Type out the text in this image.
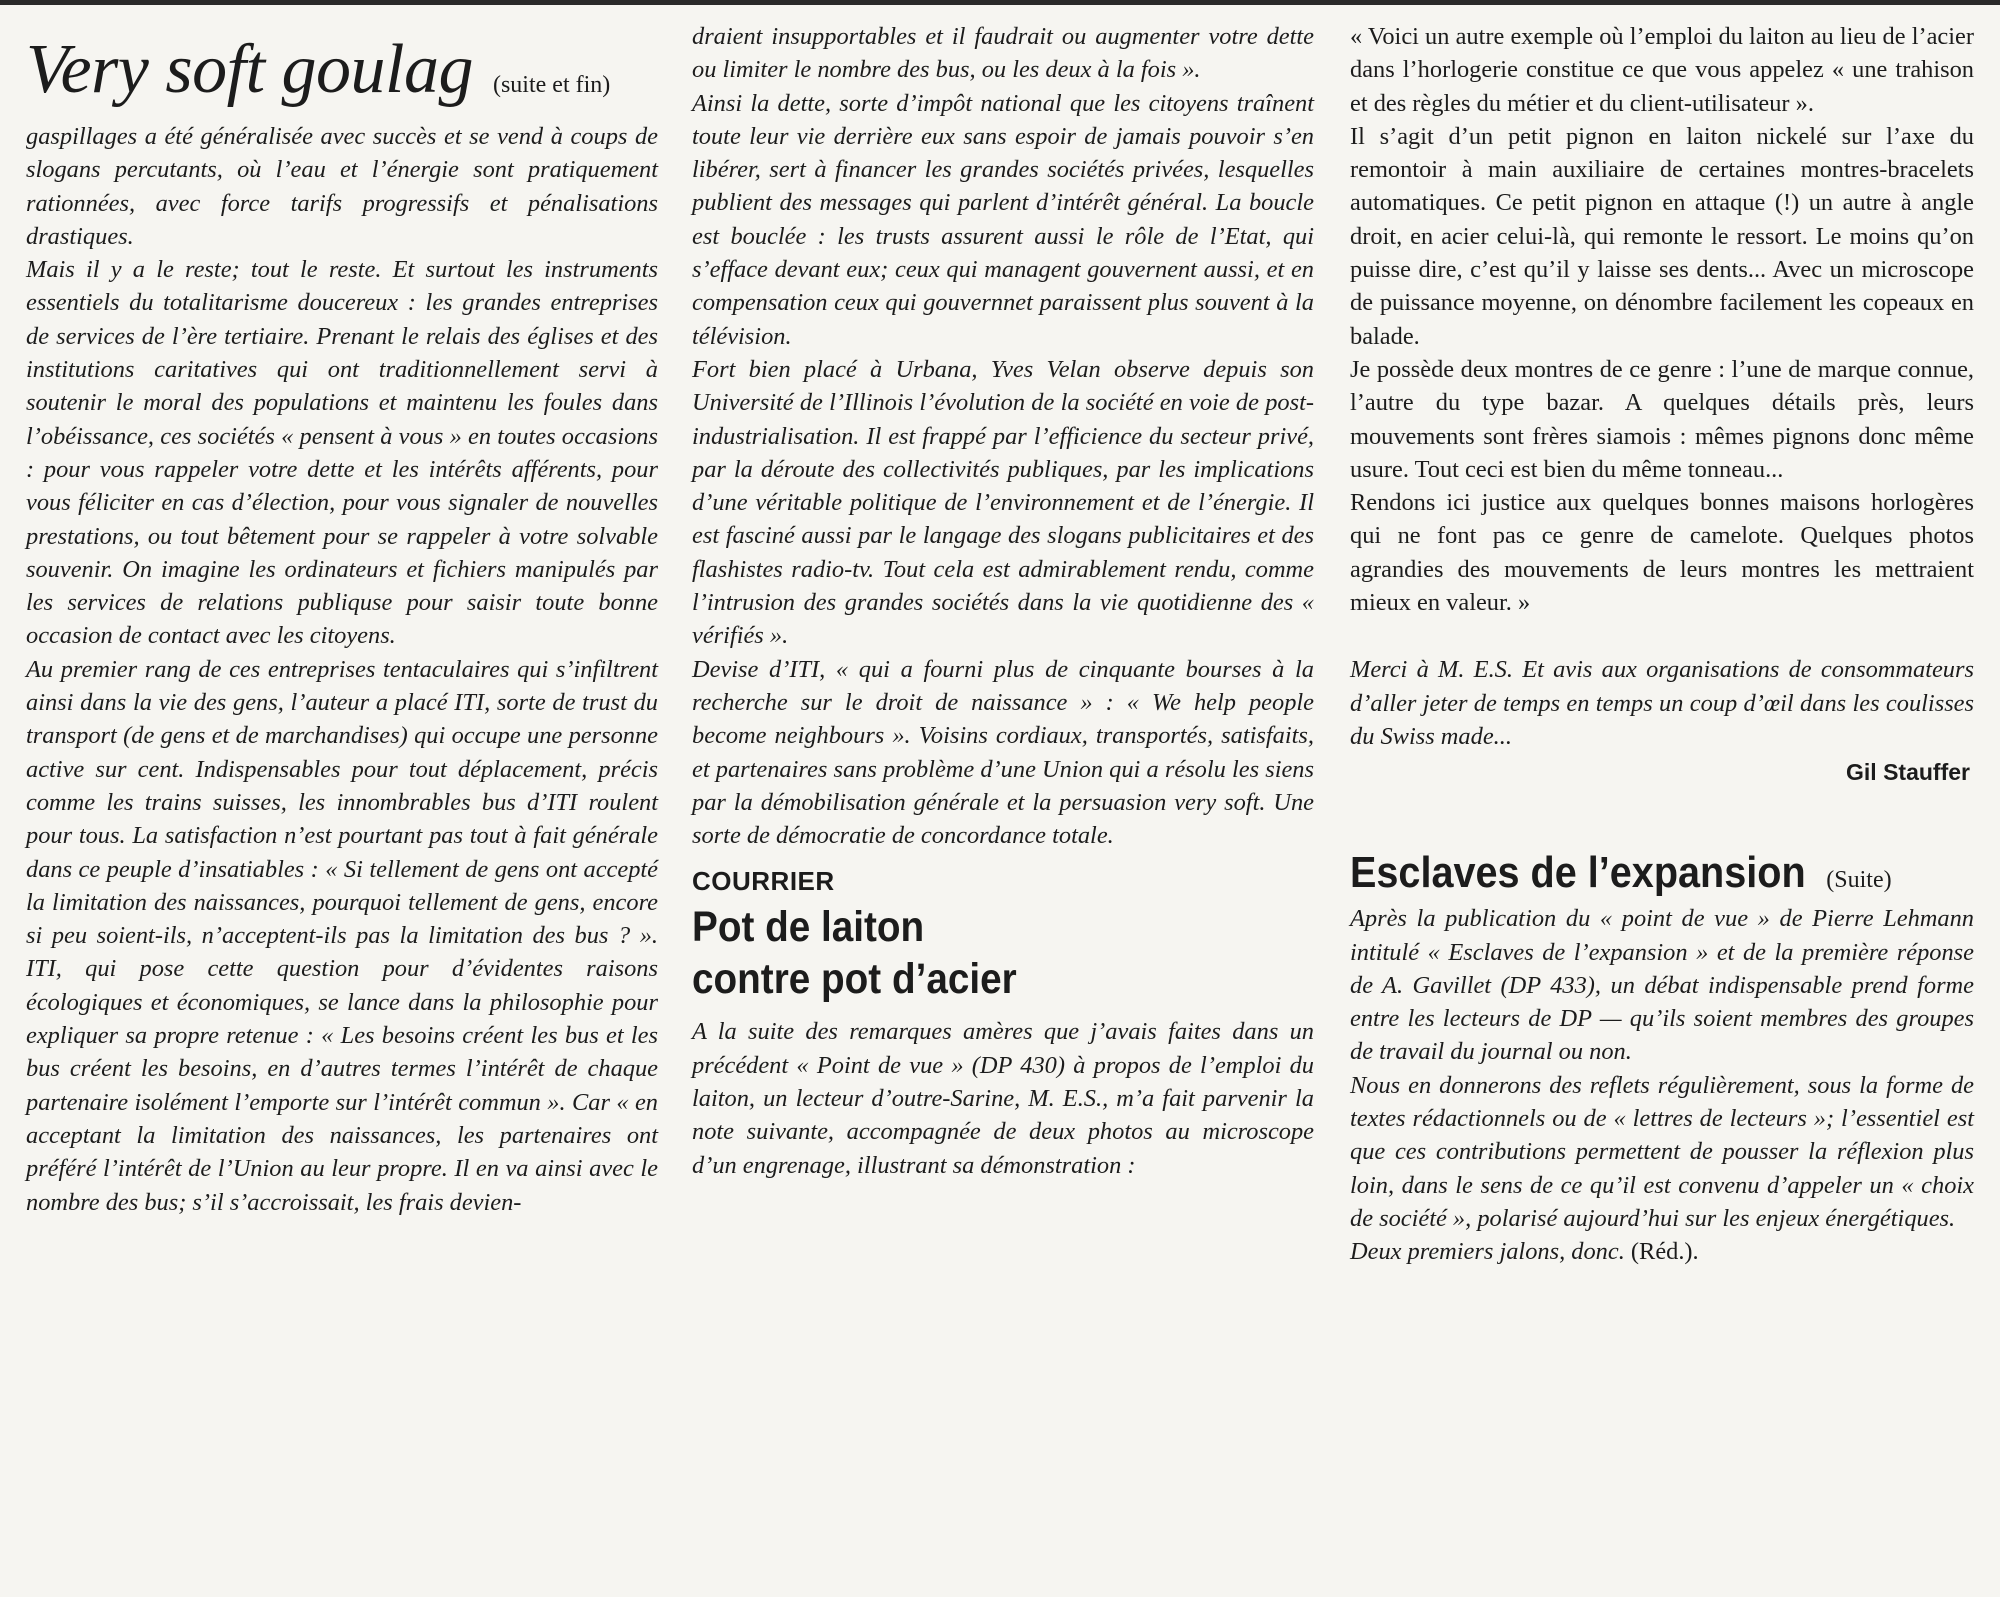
Very soft goulag (suite et fin)

gaspillages a été généralisée avec succès et se vend à coups de slogans percutants, où l’eau et l’énergie sont pratiquement rationnées, avec force tarifs progressifs et pénalisations drastiques.

Mais il y a le reste; tout le reste. Et surtout les instruments essentiels du totalitarisme doucereux : les grandes entreprises de services de l’ère tertiaire. Prenant le relais des églises et des institutions caritatives qui ont traditionnellement servi à soutenir le moral des populations et maintenu les foules dans l’obéissance, ces sociétés « pensent à vous » en toutes occasions : pour vous rappeler votre dette et les intérêts afférents, pour vous féliciter en cas d’élection, pour vous signaler de nouvelles prestations, ou tout bêtement pour se rappeler à votre solvable souvenir. On imagine les ordinateurs et fichiers manipulés par les services de relations publiquse pour saisir toute bonne occasion de contact avec les citoyens.

Au premier rang de ces entreprises tentaculaires qui s’infiltrent ainsi dans la vie des gens, l’auteur a placé ITI, sorte de trust du transport (de gens et de marchandises) qui occupe une personne active sur cent. Indispensables pour tout déplacement, précis comme les trains suisses, les innombrables bus d’ITI roulent pour tous. La satisfaction n’est pourtant pas tout à fait générale dans ce peuple d’insatiables : « Si tellement de gens ont accepté la limitation des naissances, pourquoi tellement de gens, encore si peu soient-ils, n’acceptent-ils pas la limitation des bus ? ». ITI, qui pose cette question pour d’évidentes raisons écologiques et économiques, se lance dans la philosophie pour expliquer sa propre retenue : « Les besoins créent les bus et les bus créent les besoins, en d’autres termes l’intérêt de chaque partenaire isolément l’emporte sur l’intérêt commun ». Car « en acceptant la limitation des naissances, les partenaires ont préféré l’intérêt de l’Union au leur propre. Il en va ainsi avec le nombre des bus; s’il s’accroissait, les frais devien-

draient insupportables et il faudrait ou augmenter votre dette ou limiter le nombre des bus, ou les deux à la fois ».

Ainsi la dette, sorte d’impôt national que les citoyens traînent toute leur vie derrière eux sans espoir de jamais pouvoir s’en libérer, sert à financer les grandes sociétés privées, lesquelles publient des messages qui parlent d’intérêt général. La boucle est bouclée : les trusts assurent aussi le rôle de l’Etat, qui s’efface devant eux; ceux qui managent gouvernent aussi, et en compensation ceux qui gouvernnet paraissent plus souvent à la télévision.

Fort bien placé à Urbana, Yves Velan observe depuis son Université de l’Illinois l’évolution de la société en voie de post-industrialisation. Il est frappé par l’efficience du secteur privé, par la déroute des collectivités publiques, par les implications d’une véritable politique de l’environnement et de l’énergie. Il est fasciné aussi par le langage des slogans publicitaires et des flashistes radio-tv. Tout cela est admirablement rendu, comme l’intrusion des grandes sociétés dans la vie quotidienne des « vérifiés ».

Devise d’ITI, « qui a fourni plus de cinquante bourses à la recherche sur le droit de naissance » : « We help people become neighbours ». Voisins cordiaux, transportés, satisfaits, et partenaires sans problème d’une Union qui a résolu les siens par la démobilisation générale et la persuasion very soft. Une sorte de démocratie de concordance totale.

COURRIER
Pot de laiton
contre pot d’acier

A la suite des remarques amères que j’avais faites dans un précédent « Point de vue » (DP 430) à propos de l’emploi du laiton, un lecteur d’outre-Sarine, M. E.S., m’a fait parvenir la note suivante, accompagnée de deux photos au microscope d’un engrenage, illustrant sa démonstration :

« Voici un autre exemple où l’emploi du laiton au lieu de l’acier dans l’horlogerie constitue ce que vous appelez « une trahison et des règles du métier et du client-utilisateur ».

Il s’agit d’un petit pignon en laiton nickelé sur l’axe du remontoir à main auxiliaire de certaines montres-bracelets automatiques. Ce petit pignon en attaque (!) un autre à angle droit, en acier celui-là, qui remonte le ressort. Le moins qu’on puisse dire, c’est qu’il y laisse ses dents... Avec un microscope de puissance moyenne, on dénombre facilement les copeaux en balade.

Je possède deux montres de ce genre : l’une de marque connue, l’autre du type bazar. A quelques détails près, leurs mouvements sont frères siamois : mêmes pignons donc même usure. Tout ceci est bien du même tonneau...

Rendons ici justice aux quelques bonnes maisons horlogères qui ne font pas ce genre de camelote. Quelques photos agrandies des mouvements de leurs montres les mettraient mieux en valeur. »

Merci à M. E.S. Et avis aux organisations de consommateurs d’aller jeter de temps en temps un coup d’œil dans les coulisses du Swiss made...

Gil Stauffer
Esclaves de l’expansion (Suite)

Après la publication du « point de vue » de Pierre Lehmann intitulé « Esclaves de l’expansion » et de la première réponse de A. Gavillet (DP 433), un débat indispensable prend forme entre les lecteurs de DP — qu’ils soient membres des groupes de travail du journal ou non.

Nous en donnerons des reflets régulièrement, sous la forme de textes rédactionnels ou de « lettres de lecteurs »; l’essentiel est que ces contributions permettent de pousser la réflexion plus loin, dans le sens de ce qu’il est convenu d’appeler un « choix de société », polarisé aujourd’hui sur les enjeux énergétiques.

Deux premiers jalons, donc. (Réd.).
